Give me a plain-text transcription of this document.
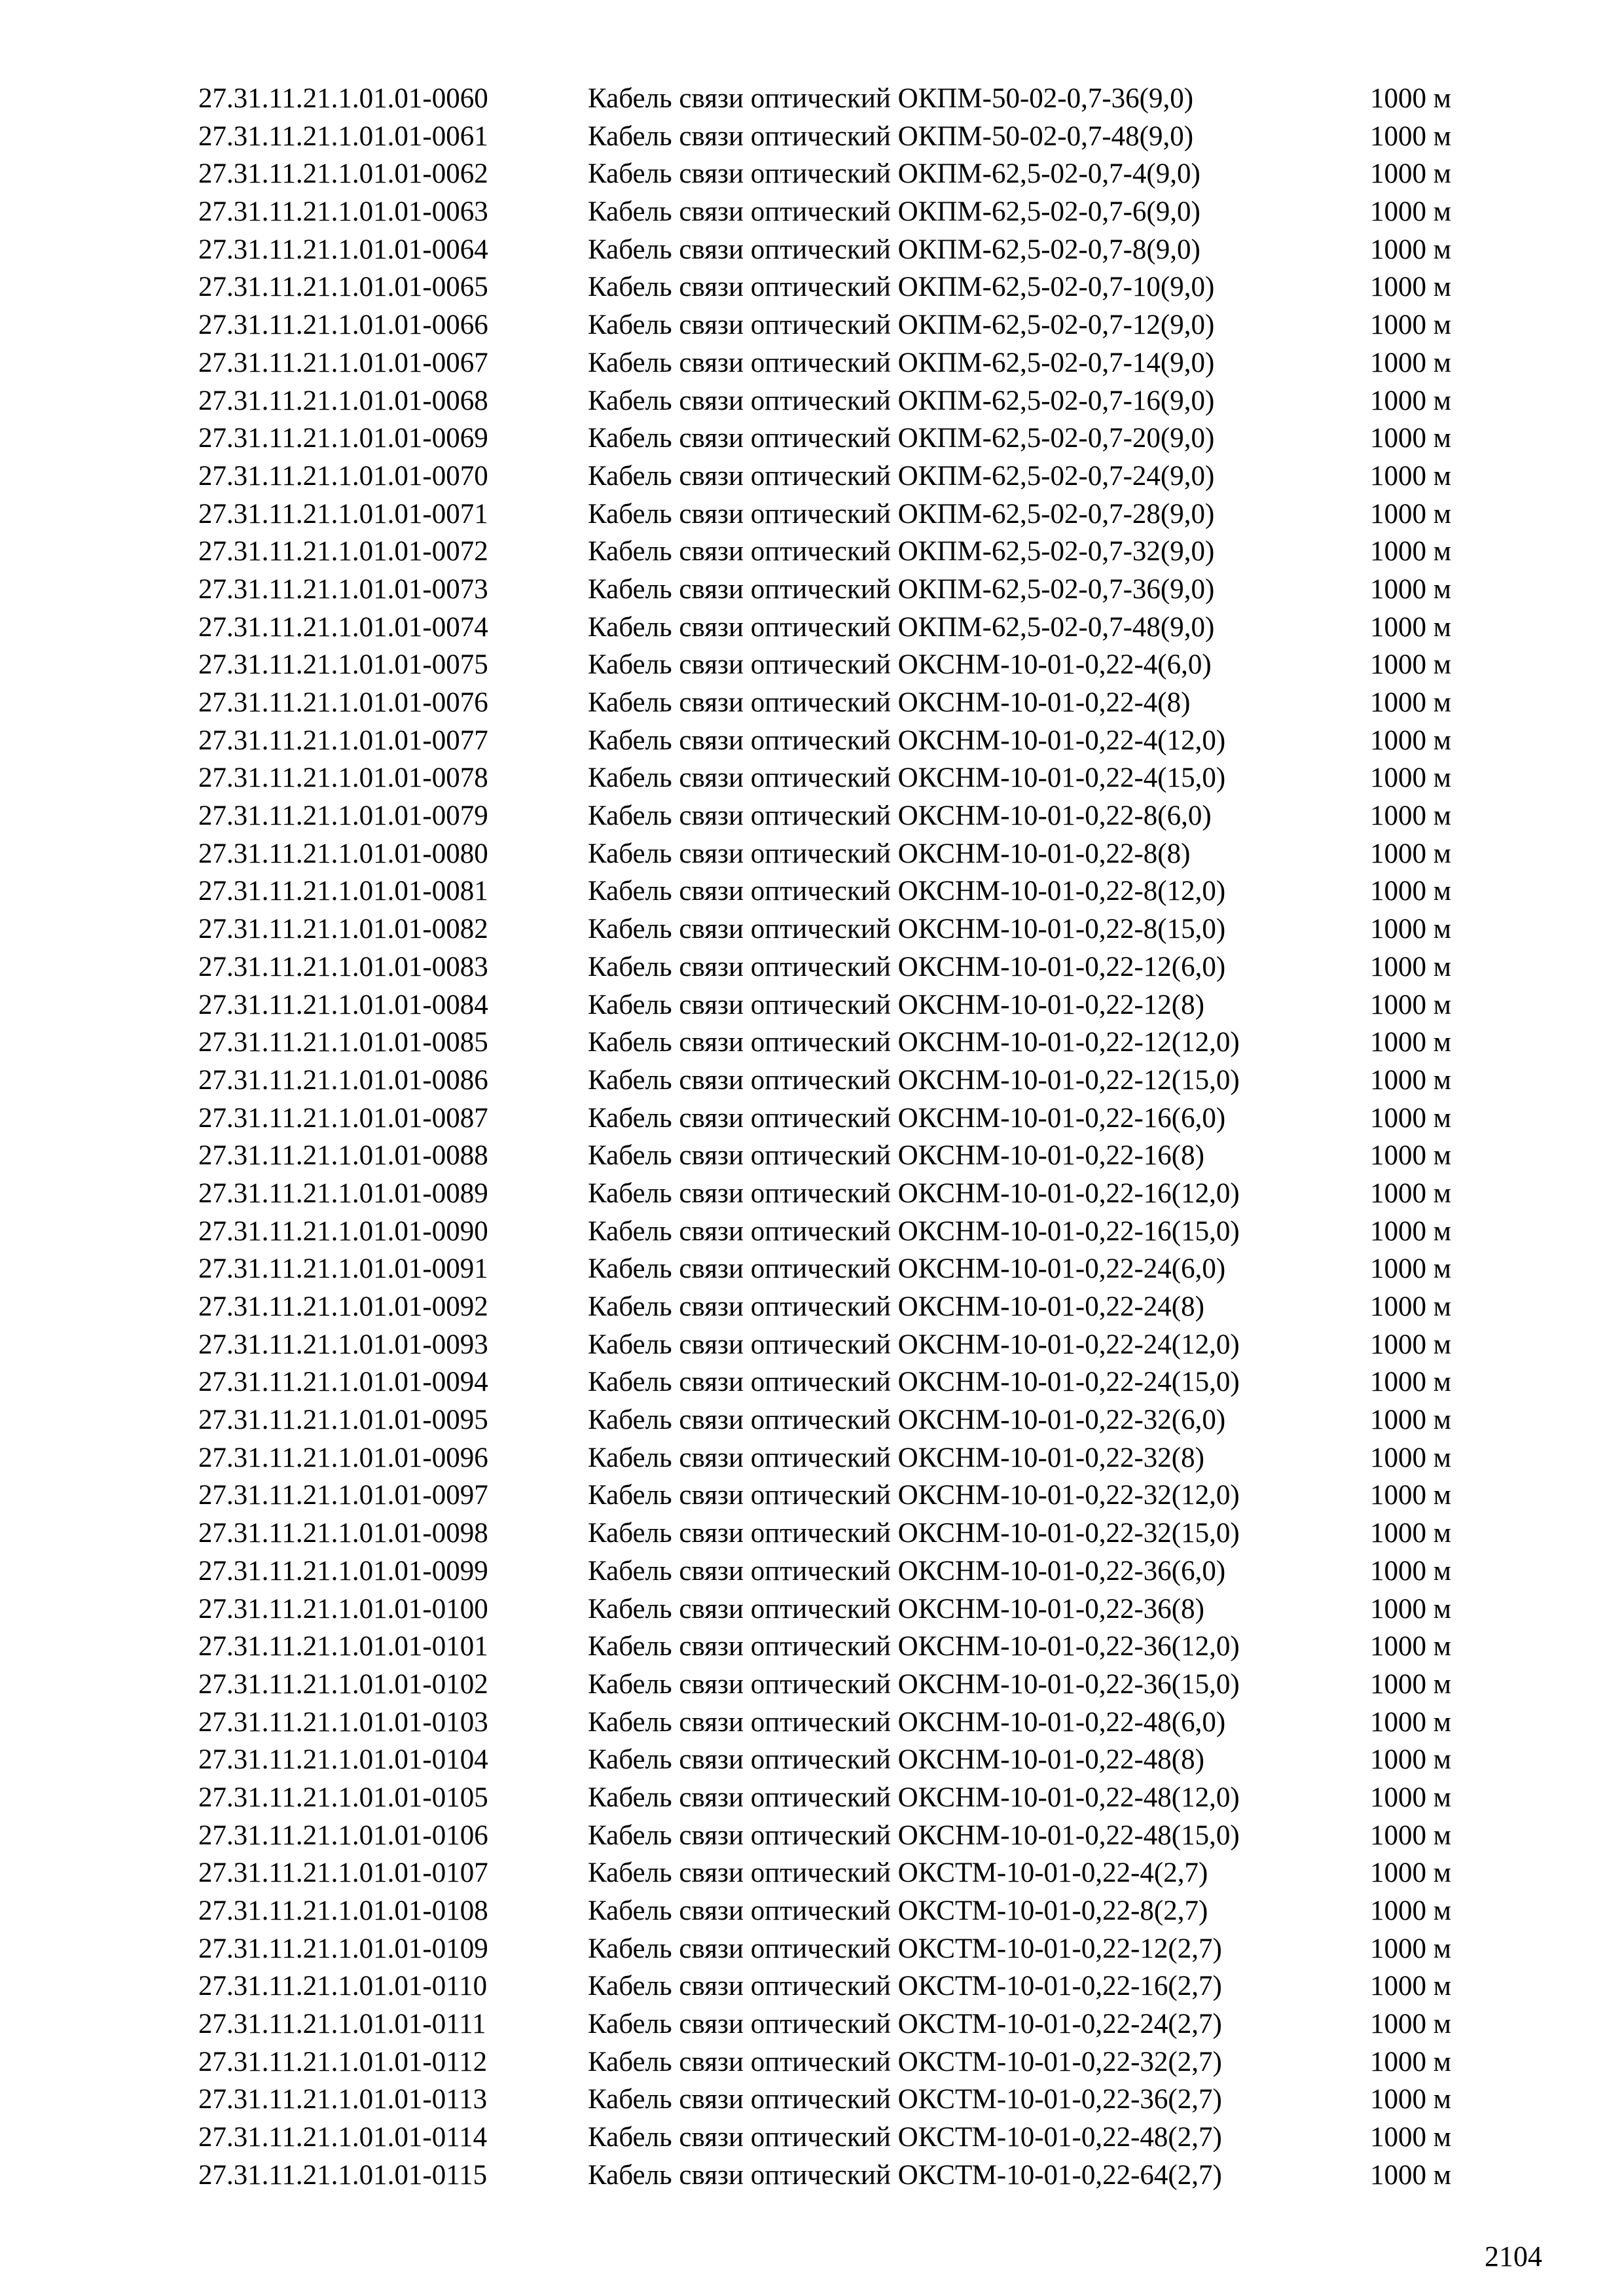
27.31.11.21.1.01.01-0060	Кабель связи оптический ОКПМ-50-02-0,7-36(9,0)	1000 м
27.31.11.21.1.01.01-0061	Кабель связи оптический ОКПМ-50-02-0,7-48(9,0)	1000 м
27.31.11.21.1.01.01-0062	Кабель связи оптический ОКПМ-62,5-02-0,7-4(9,0)	1000 м
27.31.11.21.1.01.01-0063	Кабель связи оптический ОКПМ-62,5-02-0,7-6(9,0)	1000 м
27.31.11.21.1.01.01-0064	Кабель связи оптический ОКПМ-62,5-02-0,7-8(9,0)	1000 м
27.31.11.21.1.01.01-0065	Кабель связи оптический ОКПМ-62,5-02-0,7-10(9,0)	1000 м
27.31.11.21.1.01.01-0066	Кабель связи оптический ОКПМ-62,5-02-0,7-12(9,0)	1000 м
27.31.11.21.1.01.01-0067	Кабель связи оптический ОКПМ-62,5-02-0,7-14(9,0)	1000 м
27.31.11.21.1.01.01-0068	Кабель связи оптический ОКПМ-62,5-02-0,7-16(9,0)	1000 м
27.31.11.21.1.01.01-0069	Кабель связи оптический ОКПМ-62,5-02-0,7-20(9,0)	1000 м
27.31.11.21.1.01.01-0070	Кабель связи оптический ОКПМ-62,5-02-0,7-24(9,0)	1000 м
27.31.11.21.1.01.01-0071	Кабель связи оптический ОКПМ-62,5-02-0,7-28(9,0)	1000 м
27.31.11.21.1.01.01-0072	Кабель связи оптический ОКПМ-62,5-02-0,7-32(9,0)	1000 м
27.31.11.21.1.01.01-0073	Кабель связи оптический ОКПМ-62,5-02-0,7-36(9,0)	1000 м
27.31.11.21.1.01.01-0074	Кабель связи оптический ОКПМ-62,5-02-0,7-48(9,0)	1000 м
27.31.11.21.1.01.01-0075	Кабель связи оптический ОКСНМ-10-01-0,22-4(6,0)	1000 м
27.31.11.21.1.01.01-0076	Кабель связи оптический ОКСНМ-10-01-0,22-4(8)	1000 м
27.31.11.21.1.01.01-0077	Кабель связи оптический ОКСНМ-10-01-0,22-4(12,0)	1000 м
27.31.11.21.1.01.01-0078	Кабель связи оптический ОКСНМ-10-01-0,22-4(15,0)	1000 м
27.31.11.21.1.01.01-0079	Кабель связи оптический ОКСНМ-10-01-0,22-8(6,0)	1000 м
27.31.11.21.1.01.01-0080	Кабель связи оптический ОКСНМ-10-01-0,22-8(8)	1000 м
27.31.11.21.1.01.01-0081	Кабель связи оптический ОКСНМ-10-01-0,22-8(12,0)	1000 м
27.31.11.21.1.01.01-0082	Кабель связи оптический ОКСНМ-10-01-0,22-8(15,0)	1000 м
27.31.11.21.1.01.01-0083	Кабель связи оптический ОКСНМ-10-01-0,22-12(6,0)	1000 м
27.31.11.21.1.01.01-0084	Кабель связи оптический ОКСНМ-10-01-0,22-12(8)	1000 м
27.31.11.21.1.01.01-0085	Кабель связи оптический ОКСНМ-10-01-0,22-12(12,0)	1000 м
27.31.11.21.1.01.01-0086	Кабель связи оптический ОКСНМ-10-01-0,22-12(15,0)	1000 м
27.31.11.21.1.01.01-0087	Кабель связи оптический ОКСНМ-10-01-0,22-16(6,0)	1000 м
27.31.11.21.1.01.01-0088	Кабель связи оптический ОКСНМ-10-01-0,22-16(8)	1000 м
27.31.11.21.1.01.01-0089	Кабель связи оптический ОКСНМ-10-01-0,22-16(12,0)	1000 м
27.31.11.21.1.01.01-0090	Кабель связи оптический ОКСНМ-10-01-0,22-16(15,0)	1000 м
27.31.11.21.1.01.01-0091	Кабель связи оптический ОКСНМ-10-01-0,22-24(6,0)	1000 м
27.31.11.21.1.01.01-0092	Кабель связи оптический ОКСНМ-10-01-0,22-24(8)	1000 м
27.31.11.21.1.01.01-0093	Кабель связи оптический ОКСНМ-10-01-0,22-24(12,0)	1000 м
27.31.11.21.1.01.01-0094	Кабель связи оптический ОКСНМ-10-01-0,22-24(15,0)	1000 м
27.31.11.21.1.01.01-0095	Кабель связи оптический ОКСНМ-10-01-0,22-32(6,0)	1000 м
27.31.11.21.1.01.01-0096	Кабель связи оптический ОКСНМ-10-01-0,22-32(8)	1000 м
27.31.11.21.1.01.01-0097	Кабель связи оптический ОКСНМ-10-01-0,22-32(12,0)	1000 м
27.31.11.21.1.01.01-0098	Кабель связи оптический ОКСНМ-10-01-0,22-32(15,0)	1000 м
27.31.11.21.1.01.01-0099	Кабель связи оптический ОКСНМ-10-01-0,22-36(6,0)	1000 м
27.31.11.21.1.01.01-0100	Кабель связи оптический ОКСНМ-10-01-0,22-36(8)	1000 м
27.31.11.21.1.01.01-0101	Кабель связи оптический ОКСНМ-10-01-0,22-36(12,0)	1000 м
27.31.11.21.1.01.01-0102	Кабель связи оптический ОКСНМ-10-01-0,22-36(15,0)	1000 м
27.31.11.21.1.01.01-0103	Кабель связи оптический ОКСНМ-10-01-0,22-48(6,0)	1000 м
27.31.11.21.1.01.01-0104	Кабель связи оптический ОКСНМ-10-01-0,22-48(8)	1000 м
27.31.11.21.1.01.01-0105	Кабель связи оптический ОКСНМ-10-01-0,22-48(12,0)	1000 м
27.31.11.21.1.01.01-0106	Кабель связи оптический ОКСНМ-10-01-0,22-48(15,0)	1000 м
27.31.11.21.1.01.01-0107	Кабель связи оптический ОКСТМ-10-01-0,22-4(2,7)	1000 м
27.31.11.21.1.01.01-0108	Кабель связи оптический ОКСТМ-10-01-0,22-8(2,7)	1000 м
27.31.11.21.1.01.01-0109	Кабель связи оптический ОКСТМ-10-01-0,22-12(2,7)	1000 м
27.31.11.21.1.01.01-0110	Кабель связи оптический ОКСТМ-10-01-0,22-16(2,7)	1000 м
27.31.11.21.1.01.01-0111	Кабель связи оптический ОКСТМ-10-01-0,22-24(2,7)	1000 м
27.31.11.21.1.01.01-0112	Кабель связи оптический ОКСТМ-10-01-0,22-32(2,7)	1000 м
27.31.11.21.1.01.01-0113	Кабель связи оптический ОКСТМ-10-01-0,22-36(2,7)	1000 м
27.31.11.21.1.01.01-0114	Кабель связи оптический ОКСТМ-10-01-0,22-48(2,7)	1000 м
27.31.11.21.1.01.01-0115	Кабель связи оптический ОКСТМ-10-01-0,22-64(2,7)	1000 м
2104
